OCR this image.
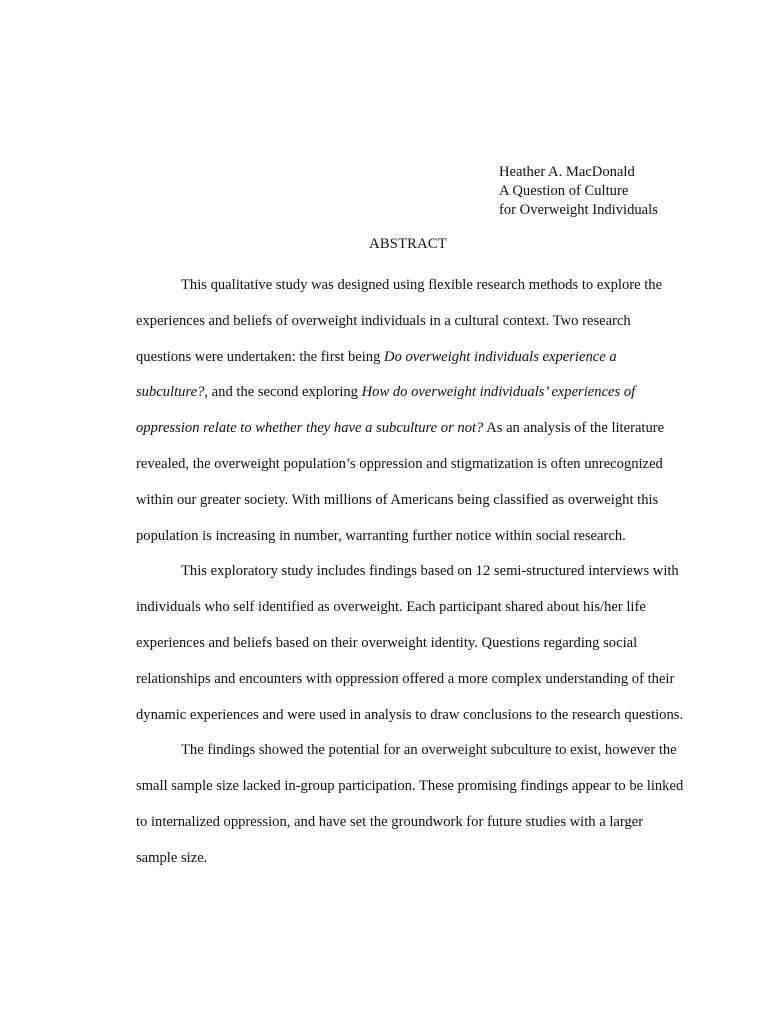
Heather A. MacDonald
A Question of Culture
for Overweight Individuals
ABSTRACT

This qualitative study was designed using flexible research methods to explore the experiences and beliefs of overweight individuals in a cultural context. Two research questions were undertaken: the first being Do overweight individuals experience a subculture?, and the second exploring How do overweight individuals’ experiences of oppression relate to whether they have a subculture or not? As an analysis of the literature revealed, the overweight population’s oppression and stigmatization is often unrecognized within our greater society. With millions of Americans being classified as overweight this population is increasing in number, warranting further notice within social research.

This exploratory study includes findings based on 12 semi-structured interviews with individuals who self identified as overweight. Each participant shared about his/her life experiences and beliefs based on their overweight identity. Questions regarding social relationships and encounters with oppression offered a more complex understanding of their dynamic experiences and were used in analysis to draw conclusions to the research questions.

The findings showed the potential for an overweight subculture to exist, however the small sample size lacked in-group participation. These promising findings appear to be linked to internalized oppression, and have set the groundwork for future studies with a larger sample size.
